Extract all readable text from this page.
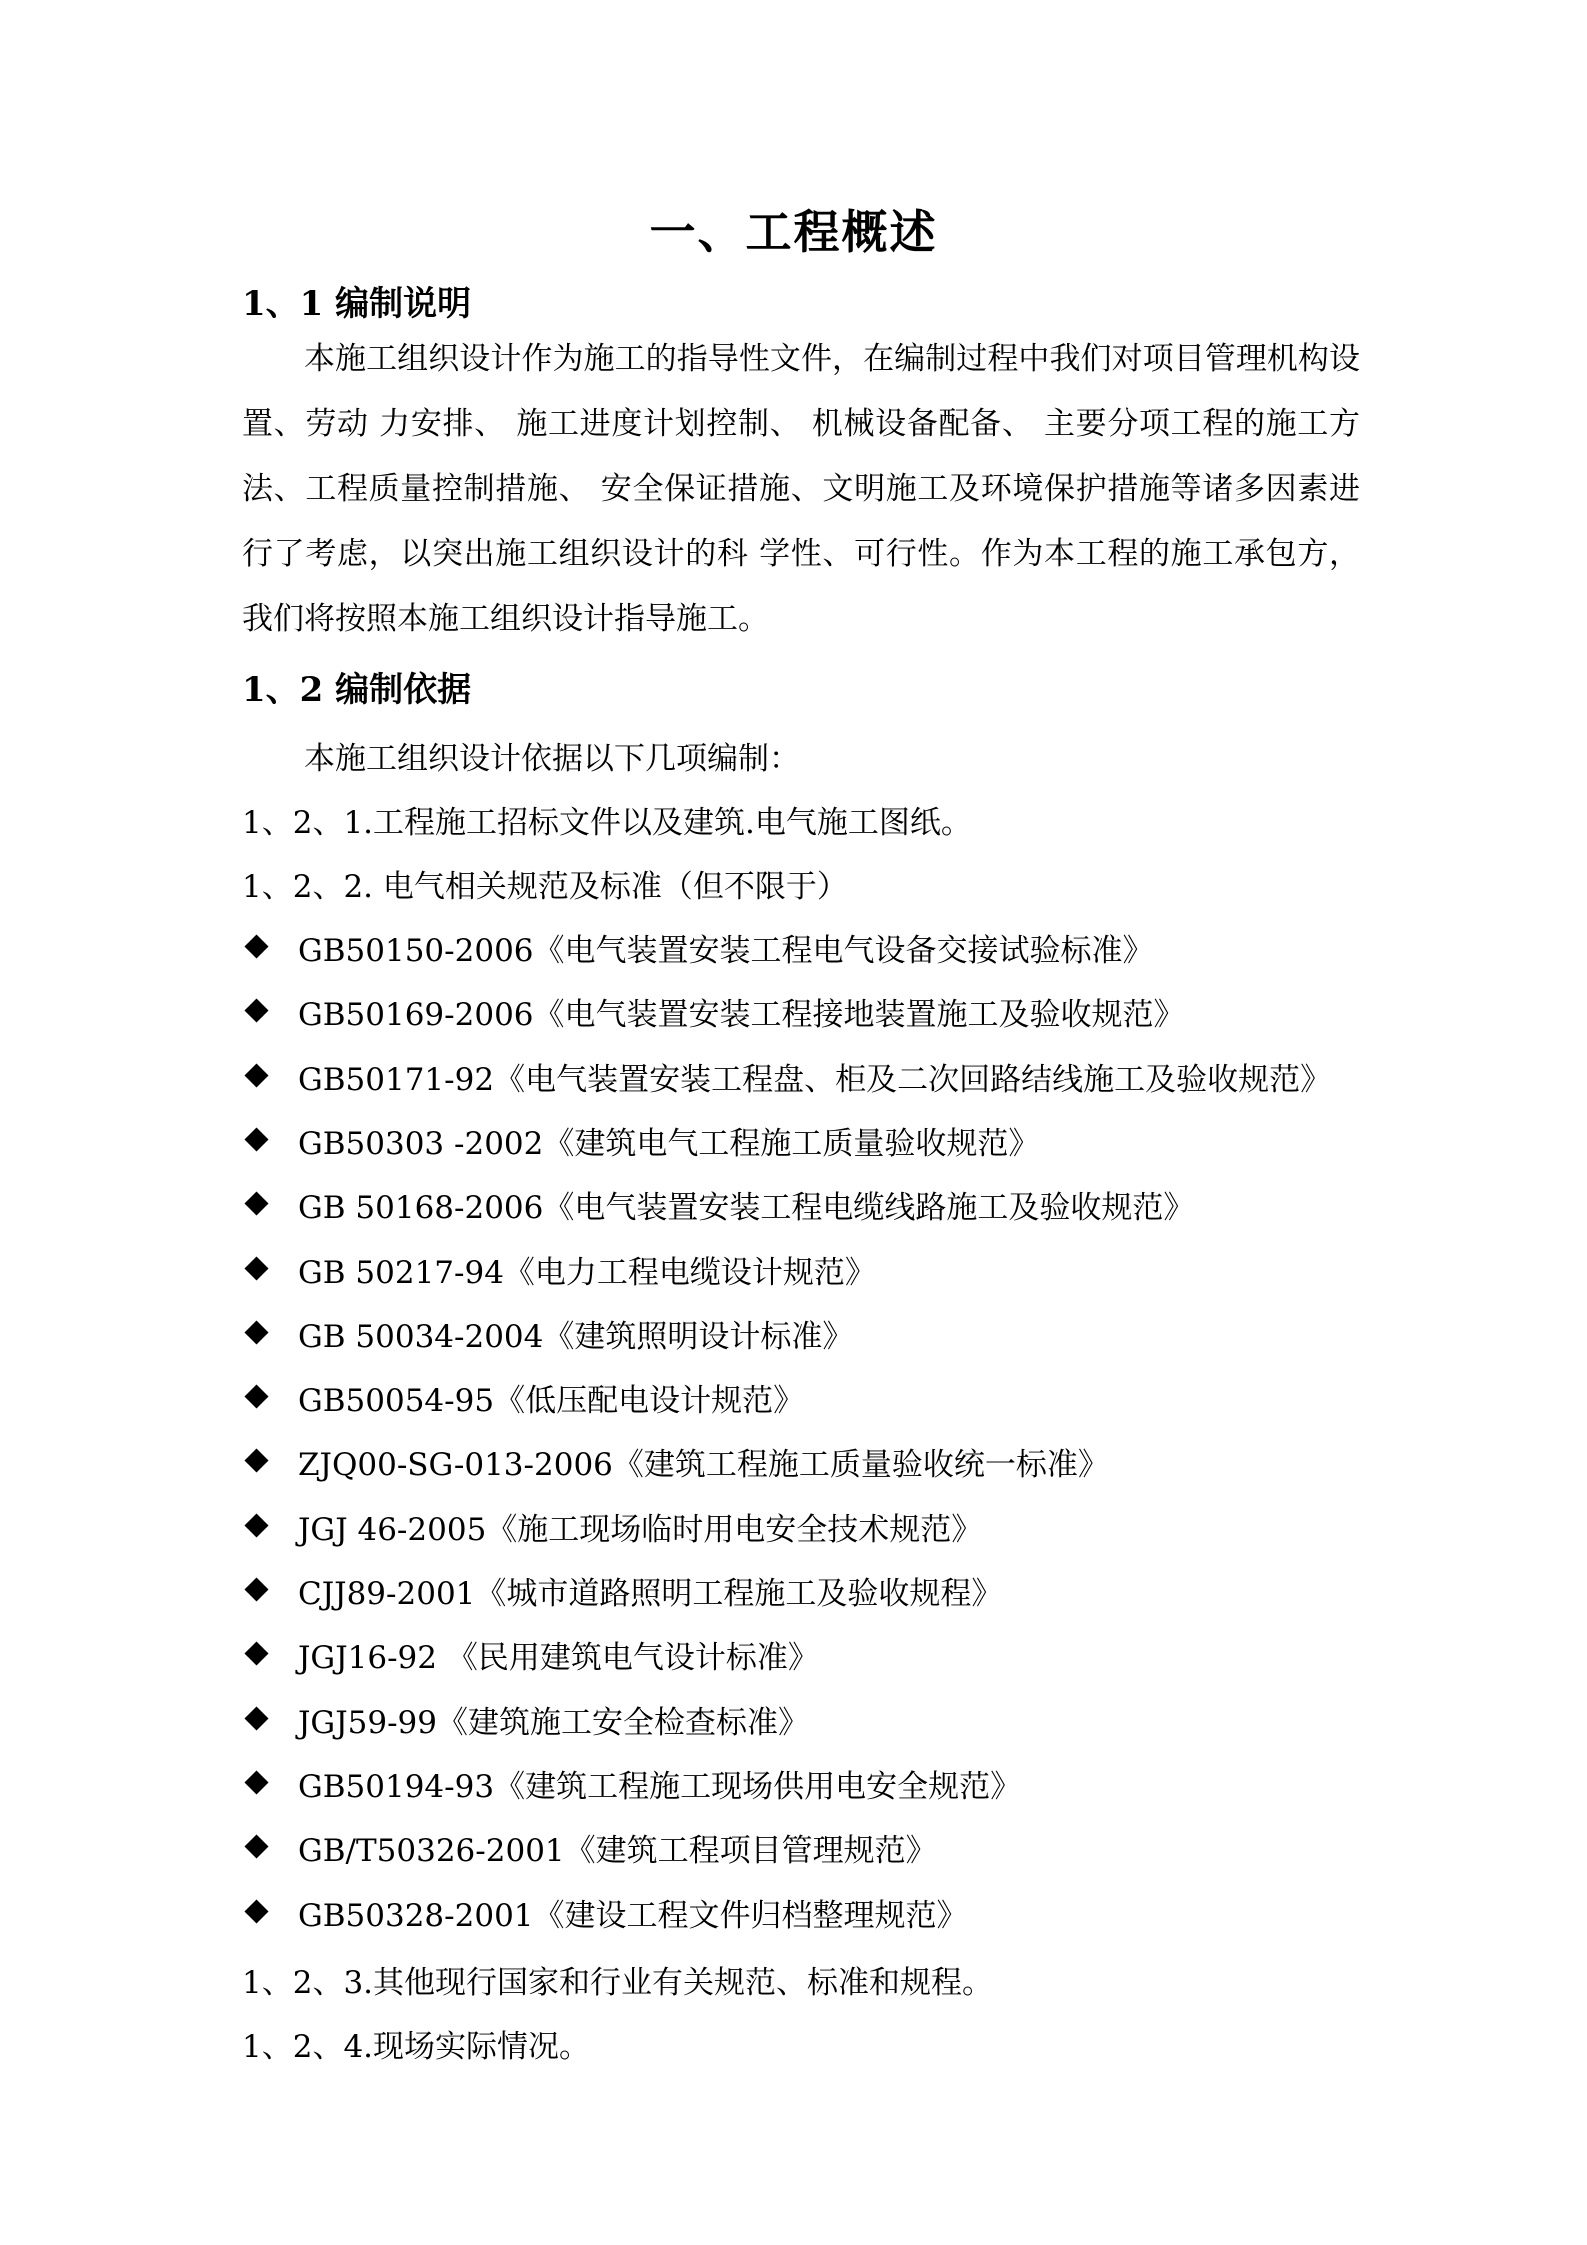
一、工程概述
1、1 编制说明
本施工组织设计作为施工的指导性文件，在编制过程中我们对项目管理机构设置、劳动 力安排、 施工进度计划控制、 机械设备配备、 主要分项工程的施工方法、工程质量控制措施、 安全保证措施、文明施工及环境保护措施等诸多因素进行了考虑，以突出施工组织设计的科 学性、可行性。作为本工程的施工承包方，我们将按照本施工组织设计指导施工。
1、2 编制依据
本施工组织设计依据以下几项编制：
1、2、1.工程施工招标文件以及建筑.电气施工图纸。
1、2、2. 电气相关规范及标准（但不限于）
GB50150-2006《电气装置安装工程电气设备交接试验标准》
GB50169-2006《电气装置安装工程接地装置施工及验收规范》
GB50171-92《电气装置安装工程盘、柜及二次回路结线施工及验收规范》
GB50303 -2002《建筑电气工程施工质量验收规范》
GB 50168-2006《电气装置安装工程电缆线路施工及验收规范》
GB 50217-94《电力工程电缆设计规范》
GB 50034-2004《建筑照明设计标准》
GB50054-95《低压配电设计规范》
ZJQ00-SG-013-2006《建筑工程施工质量验收统一标准》
JGJ 46-2005《施工现场临时用电安全技术规范》
CJJ89-2001《城市道路照明工程施工及验收规程》
JGJ16-92 《民用建筑电气设计标准》
JGJ59-99《建筑施工安全检查标准》
GB50194-93《建筑工程施工现场供用电安全规范》
GB/T50326-2001《建筑工程项目管理规范》
GB50328-2001《建设工程文件归档整理规范》
1、2、3.其他现行国家和行业有关规范、标准和规程。
1、2、4.现场实际情况。
